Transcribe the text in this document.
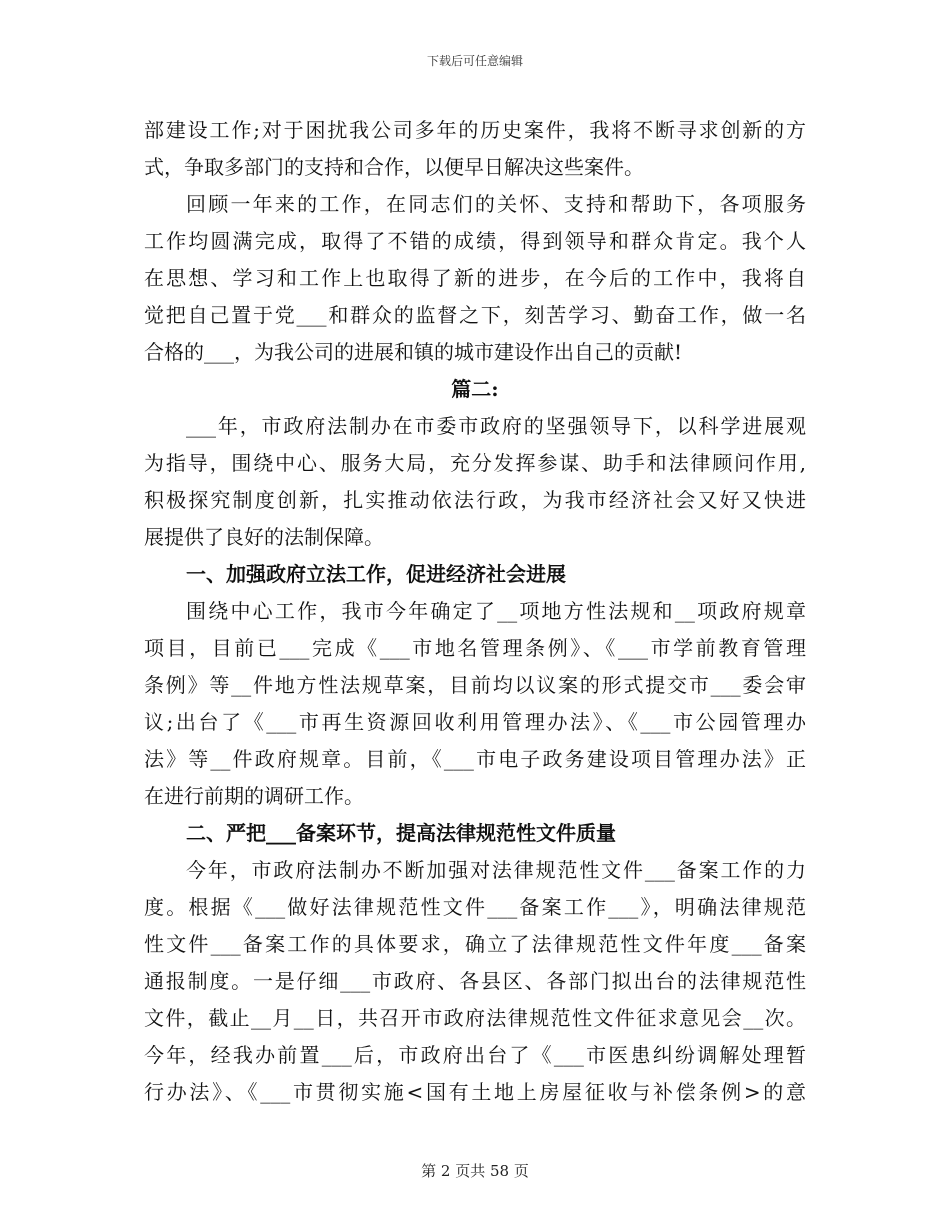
下载后可任意编辑
部建设工作;对于困扰我公司多年的历史案件，我将不断寻求创新的方
式，争取多部门的支持和合作，以便早日解决这些案件。
回顾一年来的工作，在同志们的关怀、支持和帮助下，各项服务
工作均圆满完成，取得了不错的成绩，得到领导和群众肯定。我个人
在思想、学习和工作上也取得了新的进步，在今后的工作中，我将自
觉把自己置于党___和群众的监督之下，刻苦学习、勤奋工作，做一名
合格的___，为我公司的进展和镇的城市建设作出自己的贡献!
篇二:
___年，市政府法制办在市委市政府的坚强领导下，以科学进展观
为指导，围绕中心、服务大局，充分发挥参谋、助手和法律顾问作用,
积极探究制度创新，扎实推动依法行政，为我市经济社会又好又快进
展提供了良好的法制保障。
一、加强政府立法工作，促进经济社会进展
围绕中心工作，我市今年确定了__项地方性法规和__项政府规章
项目，目前已___完成《___市地名管理条例》、《___市学前教育管理
条例》等__件地方性法规草案，目前均以议案的形式提交市___委会审
议;出台了《___市再生资源回收利用管理办法》、《___市公园管理办
法》等__件政府规章。目前，《___市电子政务建设项目管理办法》正
在进行前期的调研工作。
二、严把___备案环节，提高法律规范性文件质量
今年，市政府法制办不断加强对法律规范性文件___备案工作的力
度。根据《___做好法律规范性文件___备案工作___》，明确法律规范
性文件___备案工作的具体要求，确立了法律规范性文件年度___备案
通报制度。一是仔细___市政府、各县区、各部门拟出台的法律规范性
文件，截止__月__日，共召开市政府法律规范性文件征求意见会__次。
今年，经我办前置___后，市政府出台了《___市医患纠纷调解处理暂
行办法》、《___市贯彻实施<国有土地上房屋征收与补偿条例>的意
第 2 页共 58 页
